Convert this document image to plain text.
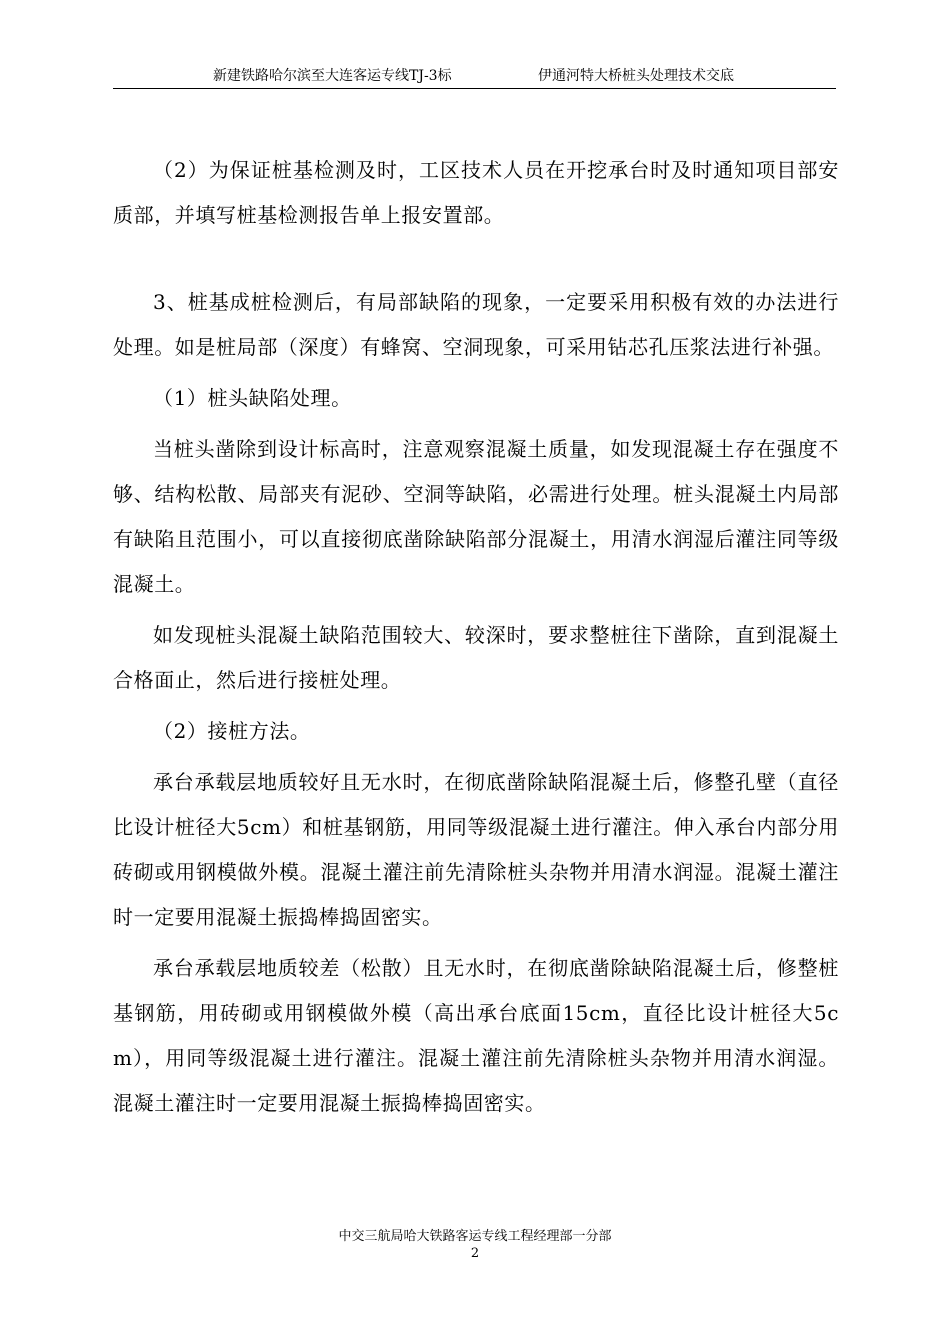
新建铁路哈尔滨至大连客运专线TJ-3标	伊通河特大桥桩头处理技术交底

（2）为保证桩基检测及时，工区技术人员在开挖承台时及时通知项目部安质部，并填写桩基检测报告单上报安置部。

3、桩基成桩检测后，有局部缺陷的现象，一定要采用积极有效的办法进行处理。如是桩局部（深度）有蜂窝、空洞现象，可采用钻芯孔压浆法进行补强。

（1）桩头缺陷处理。

当桩头凿除到设计标高时，注意观察混凝土质量，如发现混凝土存在强度不够、结构松散、局部夹有泥砂、空洞等缺陷，必需进行处理。桩头混凝土内局部有缺陷且范围小，可以直接彻底凿除缺陷部分混凝土，用清水润湿后灌注同等级混凝土。

如发现桩头混凝土缺陷范围较大、较深时，要求整桩往下凿除，直到混凝土合格面止，然后进行接桩处理。

（2）接桩方法。

承台承载层地质较好且无水时，在彻底凿除缺陷混凝土后，修整孔壁（直径比设计桩径大5cm）和桩基钢筋，用同等级混凝土进行灌注。伸入承台内部分用砖砌或用钢模做外模。混凝土灌注前先清除桩头杂物并用清水润湿。混凝土灌注时一定要用混凝土振捣棒捣固密实。

承台承载层地质较差（松散）且无水时，在彻底凿除缺陷混凝土后，修整桩基钢筋，用砖砌或用钢模做外模（高出承台底面15cm，直径比设计桩径大5cm），用同等级混凝土进行灌注。混凝土灌注前先清除桩头杂物并用清水润湿。混凝土灌注时一定要用混凝土振捣棒捣固密实。

中交三航局哈大铁路客运专线工程经理部一分部
2
